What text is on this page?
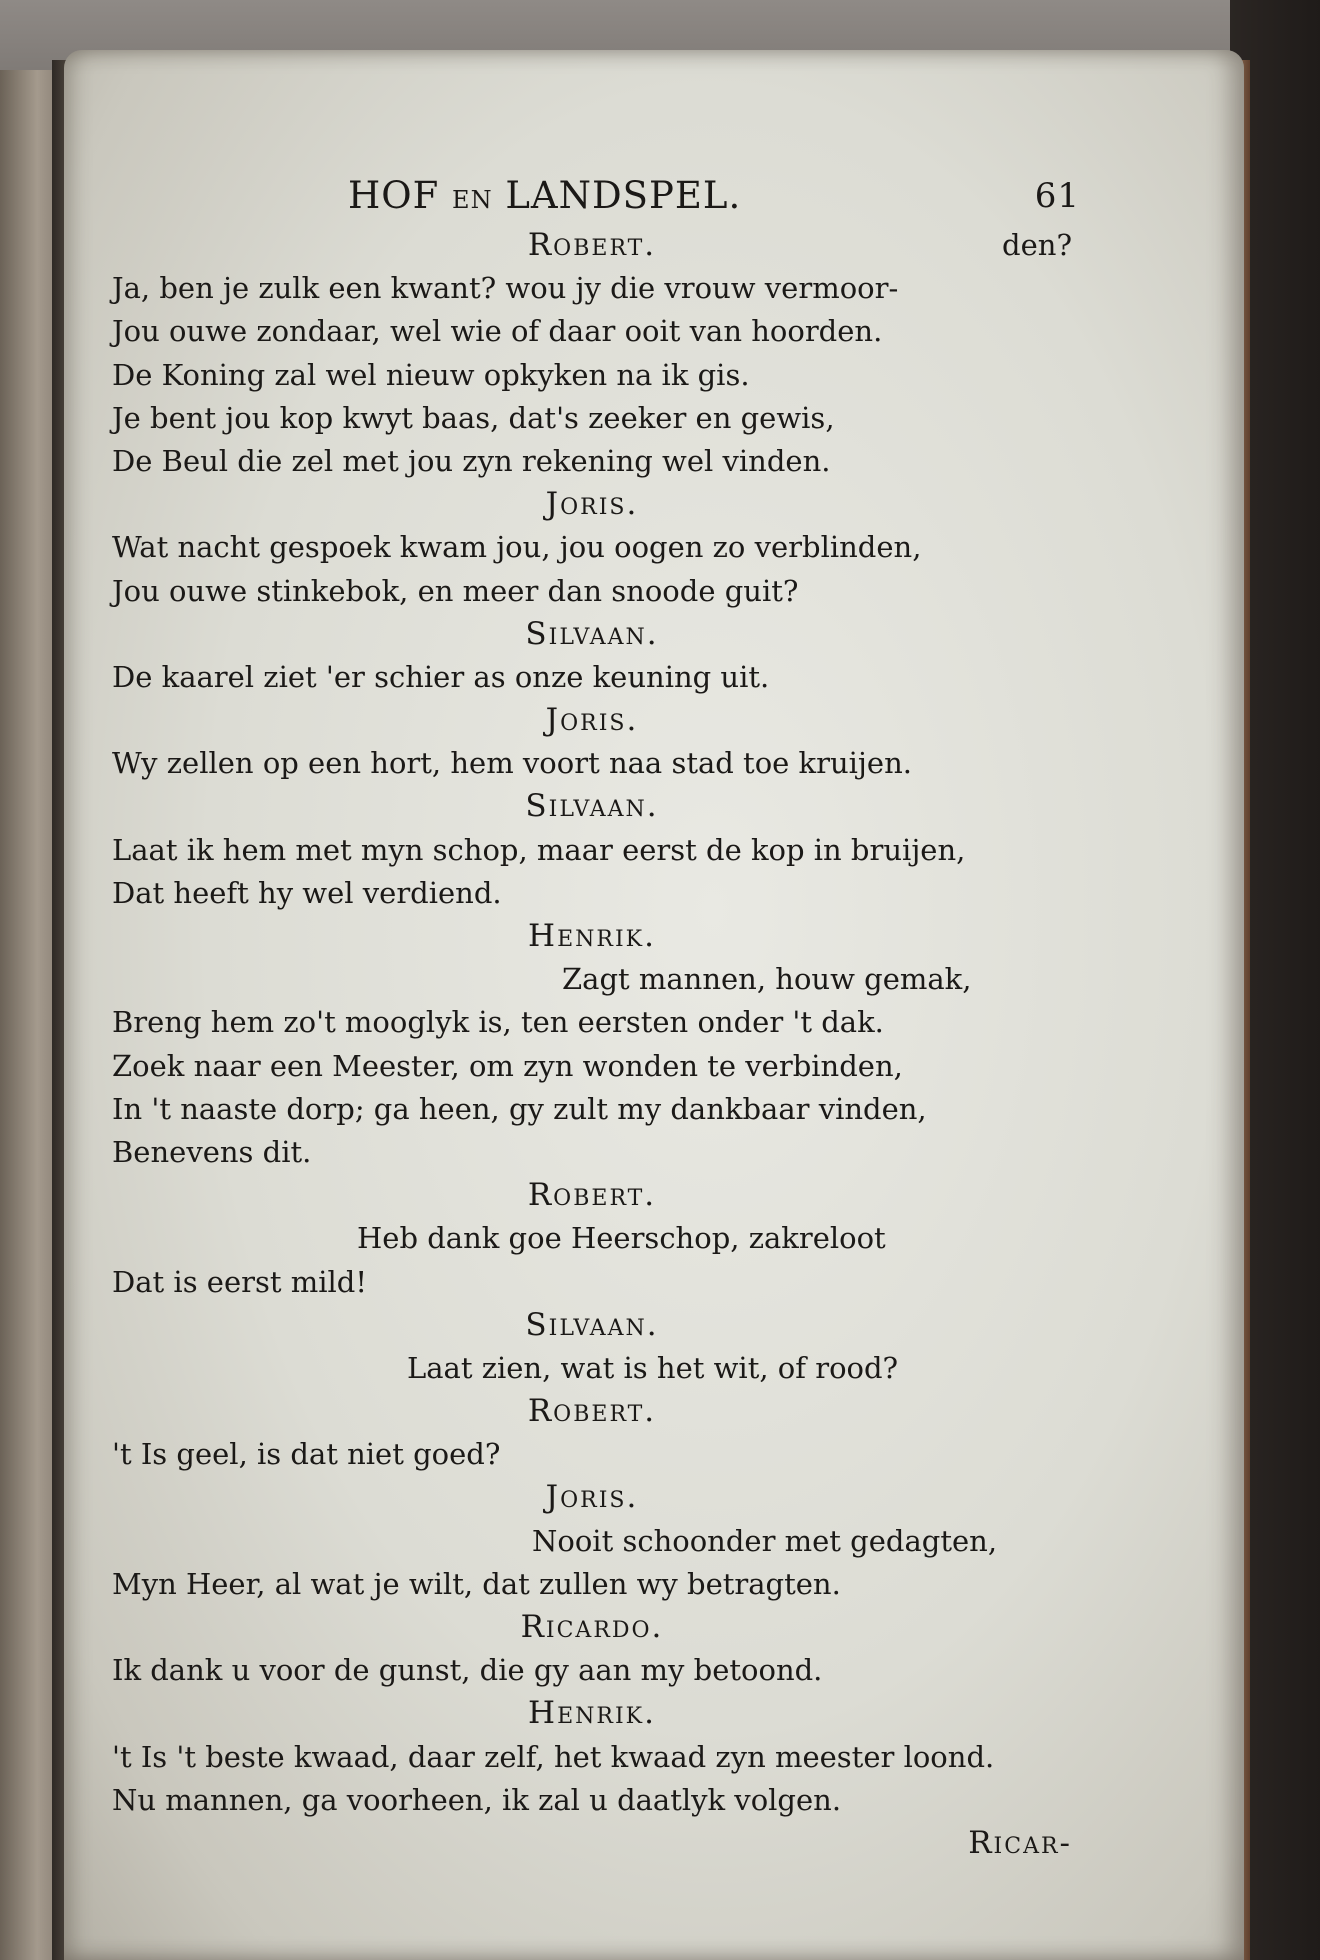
HOF EN LANDSPEL.	61
Robert.	den?
Ja, ben je zulk een kwant? wou jy die vrouw vermoor-
Jou ouwe zondaar, wel wie of daar ooit van hoorden.
De Koning zal wel nieuw opkyken na ik gis.
Je bent jou kop kwyt baas, dat's zeeker en gewis,
De Beul die zel met jou zyn rekening wel vinden.
Joris.
Wat nacht gespoek kwam jou, jou oogen zo verblinden,
Jou ouwe stinkebok, en meer dan snoode guit?
Silvaan.
De kaarel ziet 'er schier as onze keuning uit.
Joris.
Wy zellen op een hort, hem voort naa stad toe kruijen.
Silvaan.
Laat ik hem met myn schop, maar eerst de kop in bruijen,
Dat heeft hy wel verdiend.
Henrik.
Zagt mannen, houw gemak,
Breng hem zo't mooglyk is, ten eersten onder 't dak.
Zoek naar een Meester, om zyn wonden te verbinden,
In 't naaste dorp; ga heen, gy zult my dankbaar vinden,
Benevens dit.
Robert.
Heb dank goe Heerschop, zakreloot
Dat is eerst mild!
Silvaan.
Laat zien, wat is het wit, of rood?
Robert.
't Is geel, is dat niet goed?
Joris.
Nooit schoonder met gedagten,
Myn Heer, al wat je wilt, dat zullen wy betragten.
Ricardo.
Ik dank u voor de gunst, die gy aan my betoond.
Henrik.
't Is 't beste kwaad, daar zelf, het kwaad zyn meester loond.
Nu mannen, ga voorheen, ik zal u daatlyk volgen.
Ricar-
